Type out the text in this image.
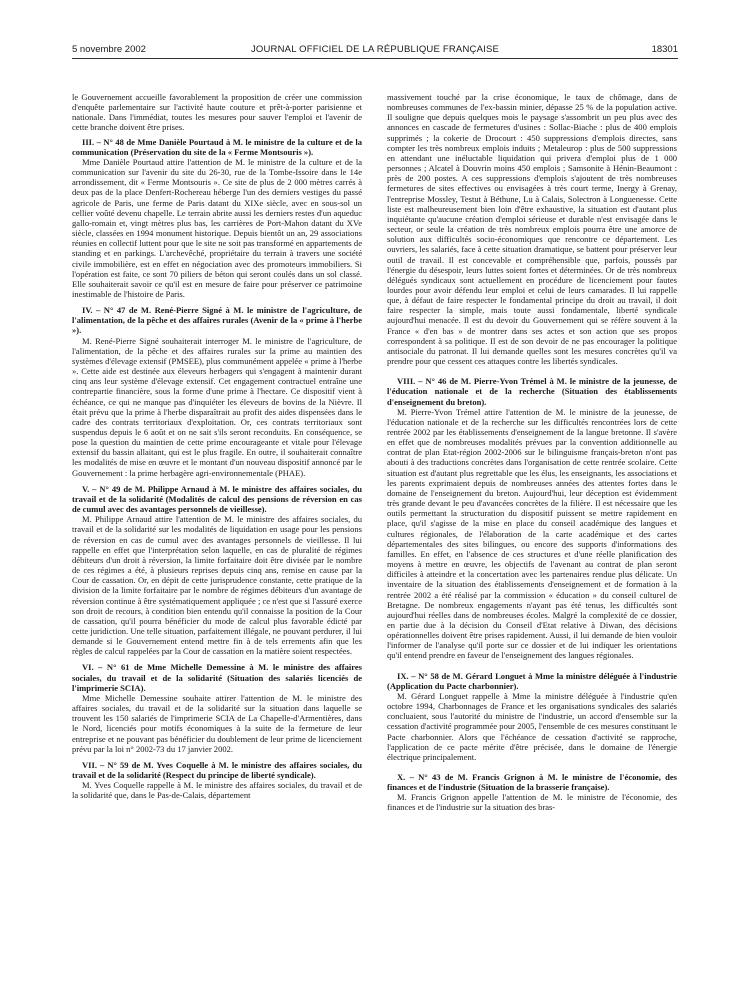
5 novembre 2002	JOURNAL OFFICIEL DE LA RÉPUBLIQUE FRANÇAISE	18301

le Gouvernement accueille favorablement la proposition de créer une commission d'enquête parlementaire sur l'activité haute couture et prêt-à-porter parisienne et nationale. Dans l'immédiat, toutes les mesures pour sauver l'emploi et l'avenir de cette branche doivent être prises.

III. – N° 48 de Mme Danièle Pourtaud à M. le ministre de la culture et de la communication (Préservation du site de la « Ferme Montsouris »).

Mme Danièle Pourtaud attire l'attention de M. le ministre de la culture et de la communication sur l'avenir du site du 26-30, rue de la Tombe-Issoire dans le 14e arrondissement, dit « Ferme Montsouris ». Ce site de plus de 2 000 mètres carrés à deux pas de la place Denfert-Rochereau héberge l'un des derniers vestiges du passé agricole de Paris, une ferme de Paris datant du XIXe siècle, avec en sous-sol un cellier voûté devenu chapelle. Le terrain abrite aussi les derniers restes d'un aqueduc gallo-romain et, vingt mètres plus bas, les carrières de Port-Mahon datant du XVe siècle, classées en 1994 monument historique. Depuis bientôt un an, 29 associations réunies en collectif luttent pour que le site ne soit pas transformé en appartements de standing et en parkings. L'archevêché, propriétaire du terrain à travers une société civile immobilière, est en effet en négociation avec des promoteurs immobiliers. Si l'opération est faite, ce sont 70 piliers de béton qui seront coulés dans un sol classé. Elle souhaiterait savoir ce qu'il est en mesure de faire pour préserver ce patrimoine inestimable de l'histoire de Paris.

IV. – N° 47 de M. René-Pierre Signé à M. le ministre de l'agriculture, de l'alimentation, de la pêche et des affaires rurales (Avenir de la « prime à l'herbe »).

M. René-Pierre Signé souhaiterait interroger M. le ministre de l'agriculture, de l'alimentation, de la pêche et des affaires rurales sur la prime au maintien des systèmes d'élevage extensif (PMSEE), plus communément appelée « prime à l'herbe ». Cette aide est destinée aux éleveurs herbagers qui s'engagent à maintenir durant cinq ans leur système d'élevage extensif. Cet engagement contractuel entraîne une contrepartie financière, sous la forme d'une prime à l'hectare. Ce dispositif vient à échéance, ce qui ne manque pas d'inquiéter les éleveurs de bovins de la Nièvre. Il était prévu que la prime à l'herbe disparaîtrait au profit des aides dispensées dans le cadre des contrats territoriaux d'exploitation. Or, ces contrats territoriaux sont suspendus depuis le 6 août et on ne sait s'ils seront reconduits. En conséquence, se pose la question du maintien de cette prime encourageante et vitale pour l'élevage extensif du bassin allaitant, qui est le plus fragile. En outre, il souhaiterait connaître les modalités de mise en œuvre et le montant d'un nouveau dispositif annoncé par le Gouvernement : la prime herbagère agri-environnementale (PHAE).

V. – N° 49 de M. Philippe Arnaud à M. le ministre des affaires sociales, du travail et de la solidarité (Modalités de calcul des pensions de réversion en cas de cumul avec des avantages personnels de vieillesse).

M. Philippe Arnaud attire l'attention de M. le ministre des affaires sociales, du travail et de la solidarité sur les modalités de liquidation en usage pour les pensions de réversion en cas de cumul avec des avantages personnels de vieillesse. Il lui rappelle en effet que l'interprétation selon laquelle, en cas de pluralité de régimes débiteurs d'un droit à réversion, la limite forfaitaire doit être divisée par le nombre de ces régimes a été, à plusieurs reprises depuis cinq ans, remise en cause par la Cour de cassation. Or, en dépit de cette jurisprudence constante, cette pratique de la division de la limite forfaitaire par le nombre de régimes débiteurs d'un avantage de réversion continue à être systématiquement appliquée ; ce n'est que si l'assuré exerce son droit de recours, à condition bien entendu qu'il connaisse la position de la Cour de cassation, qu'il pourra bénéficier du mode de calcul plus favorable édicté par cette juridiction. Une telle situation, parfaitement illégale, ne pouvant perdurer, il lui demande si le Gouvernement entend mettre fin à de tels errements afin que les règles de calcul rappelées par la Cour de cassation en la matière soient respectées.

VI. – N° 61 de Mme Michelle Demessine à M. le ministre des affaires sociales, du travail et de la solidarité (Situation des salariés licenciés de l'imprimerie SCIA).

Mme Michelle Demessine souhaite attirer l'attention de M. le ministre des affaires sociales, du travail et de la solidarité sur la situation dans laquelle se trouvent les 150 salariés de l'imprimerie SCIA de La Chapelle-d'Armentières, dans le Nord, licenciés pour motifs économiques à la suite de la fermeture de leur entreprise et ne pouvant pas bénéficier du doublement de leur prime de licenciement prévu par la loi n° 2002-73 du 17 janvier 2002.

VII. – N° 59 de M. Yves Coquelle à M. le ministre des affaires sociales, du travail et de la solidarité (Respect du principe de liberté syndicale).

M. Yves Coquelle rappelle à M. le ministre des affaires sociales, du travail et de la solidarité que, dans le Pas-de-Calais, département

massivement touché par la crise économique, le taux de chômage, dans de nombreuses communes de l'ex-bassin minier, dépasse 25 % de la population active. Il souligne que depuis quelques mois le paysage s'assombrit un peu plus avec des annonces en cascade de fermetures d'usines : Sollac-Biache : plus de 400 emplois supprimés ; la cokerie de Drocourt : 450 suppressions d'emplois directes, sans compter les très nombreux emplois induits ; Metaleurop : plus de 500 suppressions en attendant une inéluctable liquidation qui privera d'emploi plus de 1 000 personnes ; Alcatel à Douvrin moins 450 emplois ; Samsonite à Hénin-Beaumont : près de 200 postes. A ces suppressions d'emplois s'ajoutent de très nombreuses fermetures de sites effectives ou envisagées à très court terme, Inergy à Grenay, l'entreprise Mossley, Testut à Béthune, Lu à Calais, Solectron à Longuenesse. Cette liste est malheureusement bien loin d'être exhaustive, la situation est d'autant plus inquiétante qu'aucune création d'emploi sérieuse et durable n'est envisagée dans le secteur, or seule la création de très nombreux emplois pourra être une amorce de solution aux difficultés socio-économiques que rencontre ce département. Les ouvriers, les salariés, face à cette situation dramatique, se battent pour préserver leur outil de travail. Il est concevable et compréhensible que, parfois, poussés par l'énergie du désespoir, leurs luttes soient fortes et déterminées. Or de très nombreux délégués syndicaux sont actuellement en procédure de licenciement pour fautes lourdes pour avoir défendu leur emploi et celui de leurs camarades. Il lui rappelle que, à défaut de faire respecter le fondamental principe du droit au travail, il doit faire respecter la simple, mais toute aussi fondamentale, liberté syndicale aujourd'hui menacée. Il est du devoir du Gouvernement qui se réfère souvent à la France « d'en bas » de montrer dans ses actes et son action que ses propos correspondent à sa politique. Il est de son devoir de ne pas encourager la politique antisociale du patronat. Il lui demande quelles sont les mesures concrètes qu'il va prendre pour que cessent ces attaques contre les libertés syndicales.

VIII. – N° 46 de M. Pierre-Yvon Trémel à M. le ministre de la jeunesse, de l'éducation nationale et de la recherche (Situation des établissements d'enseignement du breton).

M. Pierre-Yvon Trémel attire l'attention de M. le ministre de la jeunesse, de l'éducation nationale et de la recherche sur les difficultés rencontrées lors de cette rentrée 2002 par les établissements d'enseignement de la langue bretonne. Il s'avère en effet que de nombreuses modalités prévues par la convention additionnelle au contrat de plan Etat-région 2002-2006 sur le bilinguisme français-breton n'ont pas abouti à des traductions concrètes dans l'organisation de cette rentrée scolaire. Cette situation est d'autant plus regrettable que les élus, les enseignants, les associations et les parents exprimaient depuis de nombreuses années des attentes fortes dans le domaine de l'enseignement du breton. Aujourd'hui, leur déception est évidemment très grande devant le peu d'avancées concrètes de la filière. Il est nécessaire que les outils permettant la structuration du dispositif puissent se mettre rapidement en place, qu'il s'agisse de la mise en place du conseil académique des langues et cultures régionales, de l'élaboration de la carte académique et des cartes départementales des sites bilingues, ou encore des supports d'informations des familles. En effet, en l'absence de ces structures et d'une réelle planification des moyens à mettre en œuvre, les objectifs de l'avenant au contrat de plan seront difficiles à atteindre et la concertation avec les partenaires rendue plus délicate. Un inventaire de la situation des établissements d'enseignement et de formation à la rentrée 2002 a été réalisé par la commission « éducation » du conseil culturel de Bretagne. De nombreux engagements n'ayant pas été tenus, les difficultés sont aujourd'hui réelles dans de nombreuses écoles. Malgré la complexité de ce dossier, en partie due à la décision du Conseil d'Etat relative à Diwan, des décisions opérationnelles doivent être prises rapidement. Aussi, il lui demande de bien vouloir l'informer de l'analyse qu'il porte sur ce dossier et de lui indiquer les orientations qu'il entend prendre en faveur de l'enseignement des langues régionales.

IX. – N° 58 de M. Gérard Longuet à Mme la ministre déléguée à l'industrie (Application du Pacte charbonnier).

M. Gérard Longuet rappelle à Mme la ministre déléguée à l'industrie qu'en octobre 1994, Charbonnages de France et les organisations syndicales des salariés concluaient, sous l'autorité du ministre de l'industrie, un accord d'ensemble sur la cessation d'activité programmée pour 2005, l'ensemble de ces mesures constituant le Pacte charbonnier. Alors que l'échéance de cessation d'activité se rapproche, l'application de ce pacte mérite d'être précisée, dans le domaine de l'énergie électrique principalement.

X. – N° 43 de M. Francis Grignon à M. le ministre de l'économie, des finances et de l'industrie (Situation de la brasserie française).

M. Francis Grignon appelle l'attention de M. le ministre de l'économie, des finances et de l'industrie sur la situation des bras-
